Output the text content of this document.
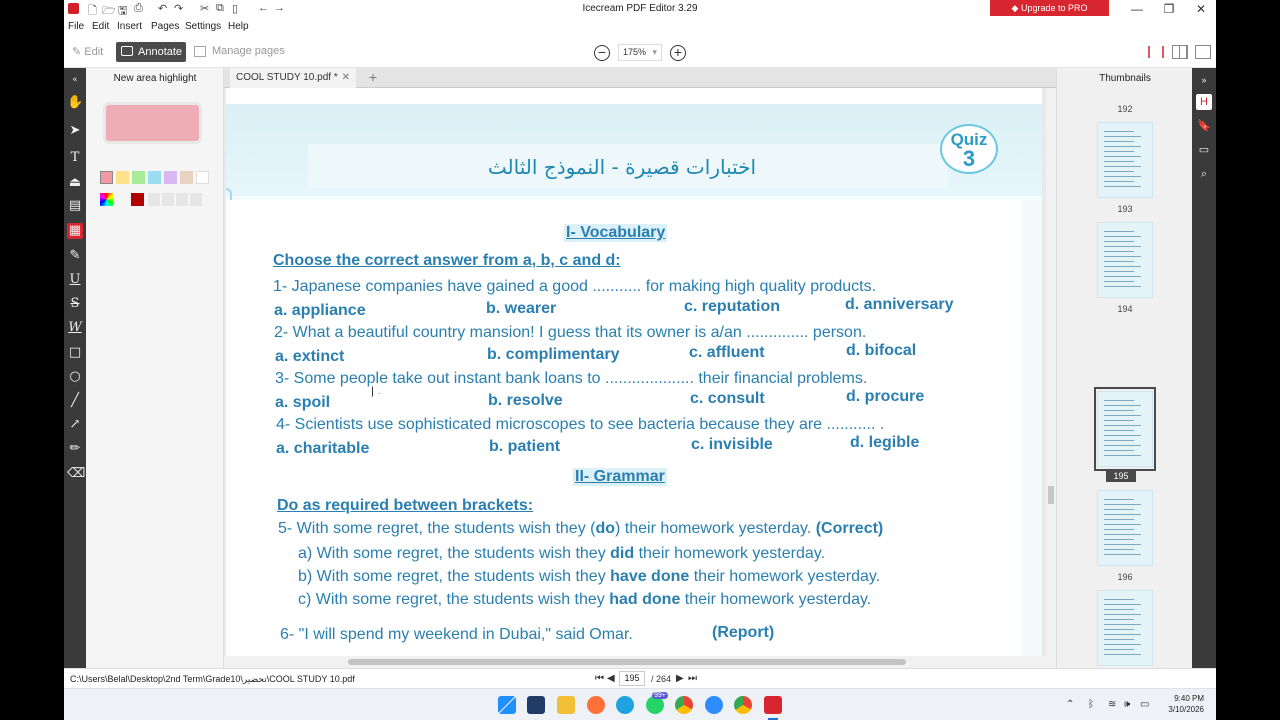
🗋 🗁 🖫 ⎙ ↶ ↷ ✂ ⧉ ▯ ← →	Icecream PDF Editor 3.29	◆ Upgrade to PRO	—	❐	✕
File Edit Insert Pages Settings Help
✎ Edit	Annotate	Manage pages	−	175% ▾ +
«
✋
➤
T
⏏
▤
▦
✎
U
S
W
□
○
╱
↗
✏
⌫
New area highlight	COOL STUDY 10.pdf * ✕	+
اختبارات قصيرة - النموذج الثالث
Quiz
3
I- Vocabulary
Choose the correct answer from a, b, c and d:
1- Japanese companies have gained a good ........... for making high quality products.
a. appliance	b. wearer	c. reputation	d. anniversary
2- What a beautiful country mansion! I guess that its owner is a/an .............. person.
a. extinct	b. complimentary	c. affluent	d. bifocal
3- Some people take out instant bank loans to .................... their financial problems.
a. spoil	b. resolve	c. consult	d. procure
4- Scientists use sophisticated microscopes to see bacteria because they are ........... .
a. charitable	b. patient	c. invisible	d. legible
II- Grammar
Do as required between brackets:
5- With some regret, the students wish they (do) their homework yesterday. (Correct)
a) With some regret, the students wish they did their homework yesterday.
b) With some regret, the students wish they have done their homework yesterday.
c) With some regret, the students wish they had done their homework yesterday.
6- "I will spend my weekend in Dubai," said Omar.	(Report)
Thumbnails
192
193
194
195
196
»
H
🔖
▭
⌕
C:\Users\Belal\Desktop\2nd Term\Grade10\تحضير\COOL STUDY 10.pdf	⏮ ◀	195	/ 264 ▶ ⏭
99+
⌃ ᛒ ≋ 🕪 ▭
9:40 PM
3/10/2026
